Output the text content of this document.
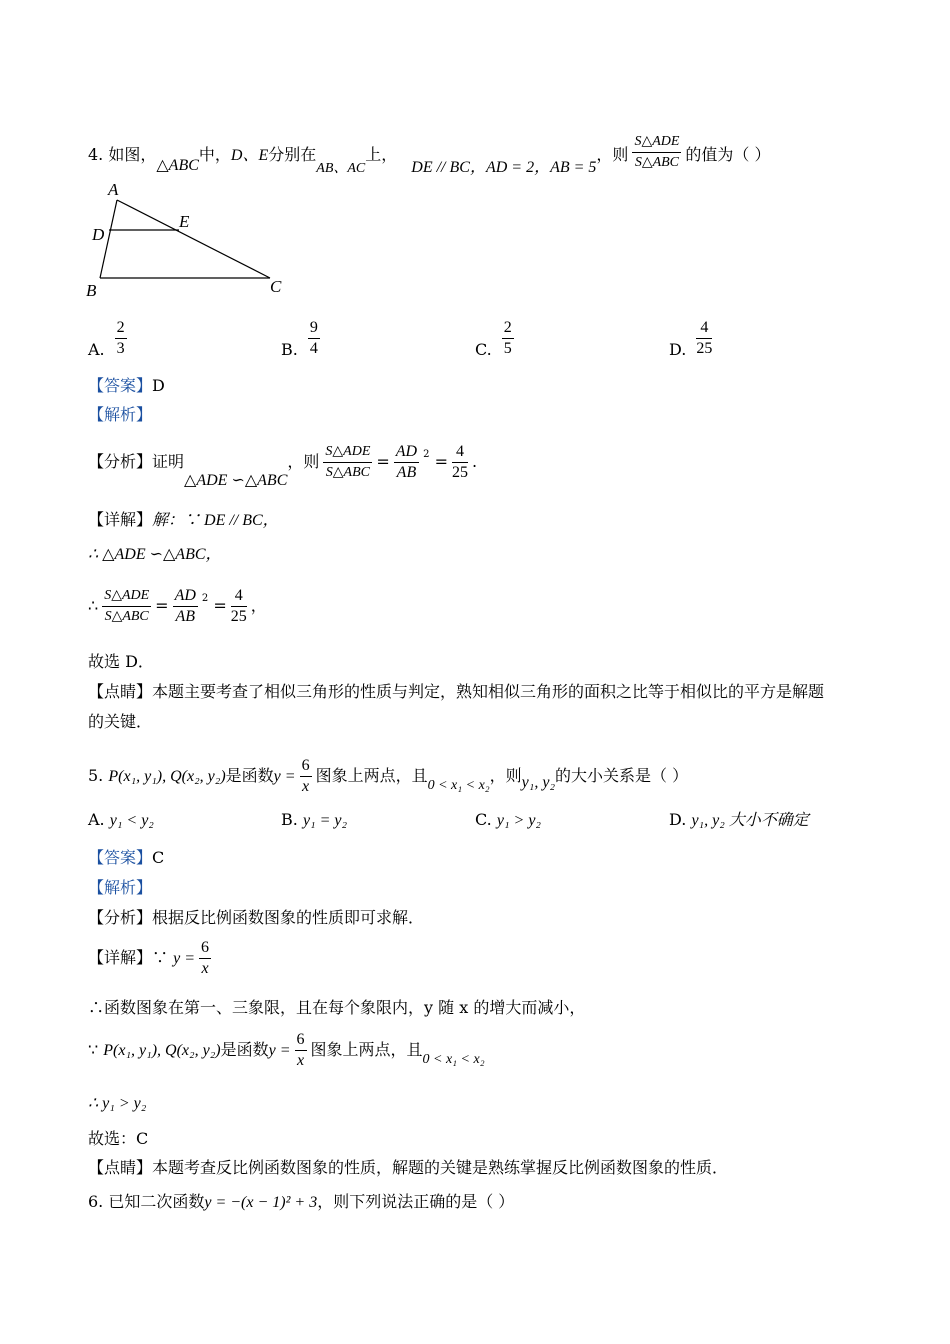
4. 如图，△ABC中，D、E分别在AB、AC上，DE // BC，AD = 2，AB = 5，则 $\frac{\text{S△ADE}}{\text{S△ABC}}$ 的值为（ ）
A
D
E
B	C
A. $\frac{2}{3}$	B. $\frac{9}{4}$	C. $\frac{2}{5}$	D. $\frac{4}{25}$
【答案】D
【解析】
【分析】证明△ADE ∽△ABC，则 $\frac{\text{S△ADE}}{\text{S△ABC}} = \frac{AD}{AB} ^2 = \frac{4}{25}$ .
【详解】解：∵ DE // BC，
∴ △ADE ∽△ABC，
∴ $\frac{\text{S△ADE}}{\text{S△ABC}} = \frac{AD}{AB} ^2 = \frac{4}{25}$ ，
故选 D．
【点睛】本题主要考查了相似三角形的性质与判定，熟知相似三角形的面积之比等于相似比的平方是解题
的关键．
5. P(x₁, y₁), Q(x₂, y₂)是函数$y = \frac{6}{x}$ 图象上两点，且0 < x₁ < x₂，则y₁, y₂的大小关系是（ ）
A. y₁ < y₂	B. y₁ = y₂	C. y₁ > y₂	D. y₁, y₂ 大小不确定
【答案】C
【解析】
【分析】根据反比例函数图象的性质即可求解．
【详解】∵ $y = \frac{6}{x}$
∴函数图象在第一、三象限，且在每个象限内，y 随 x 的增大而减小，
∵ P(x₁, y₁), Q(x₂, y₂)是函数$y = \frac{6}{x}$ 图象上两点，且0 < x₁ < x₂
∴ y₁ > y₂
故选：C
【点睛】本题考查反比例函数图象的性质，解题的关键是熟练掌握反比例函数图象的性质．
6. 已知二次函数y = −(x − 1)² + 3，则下列说法正确的是（ ）
